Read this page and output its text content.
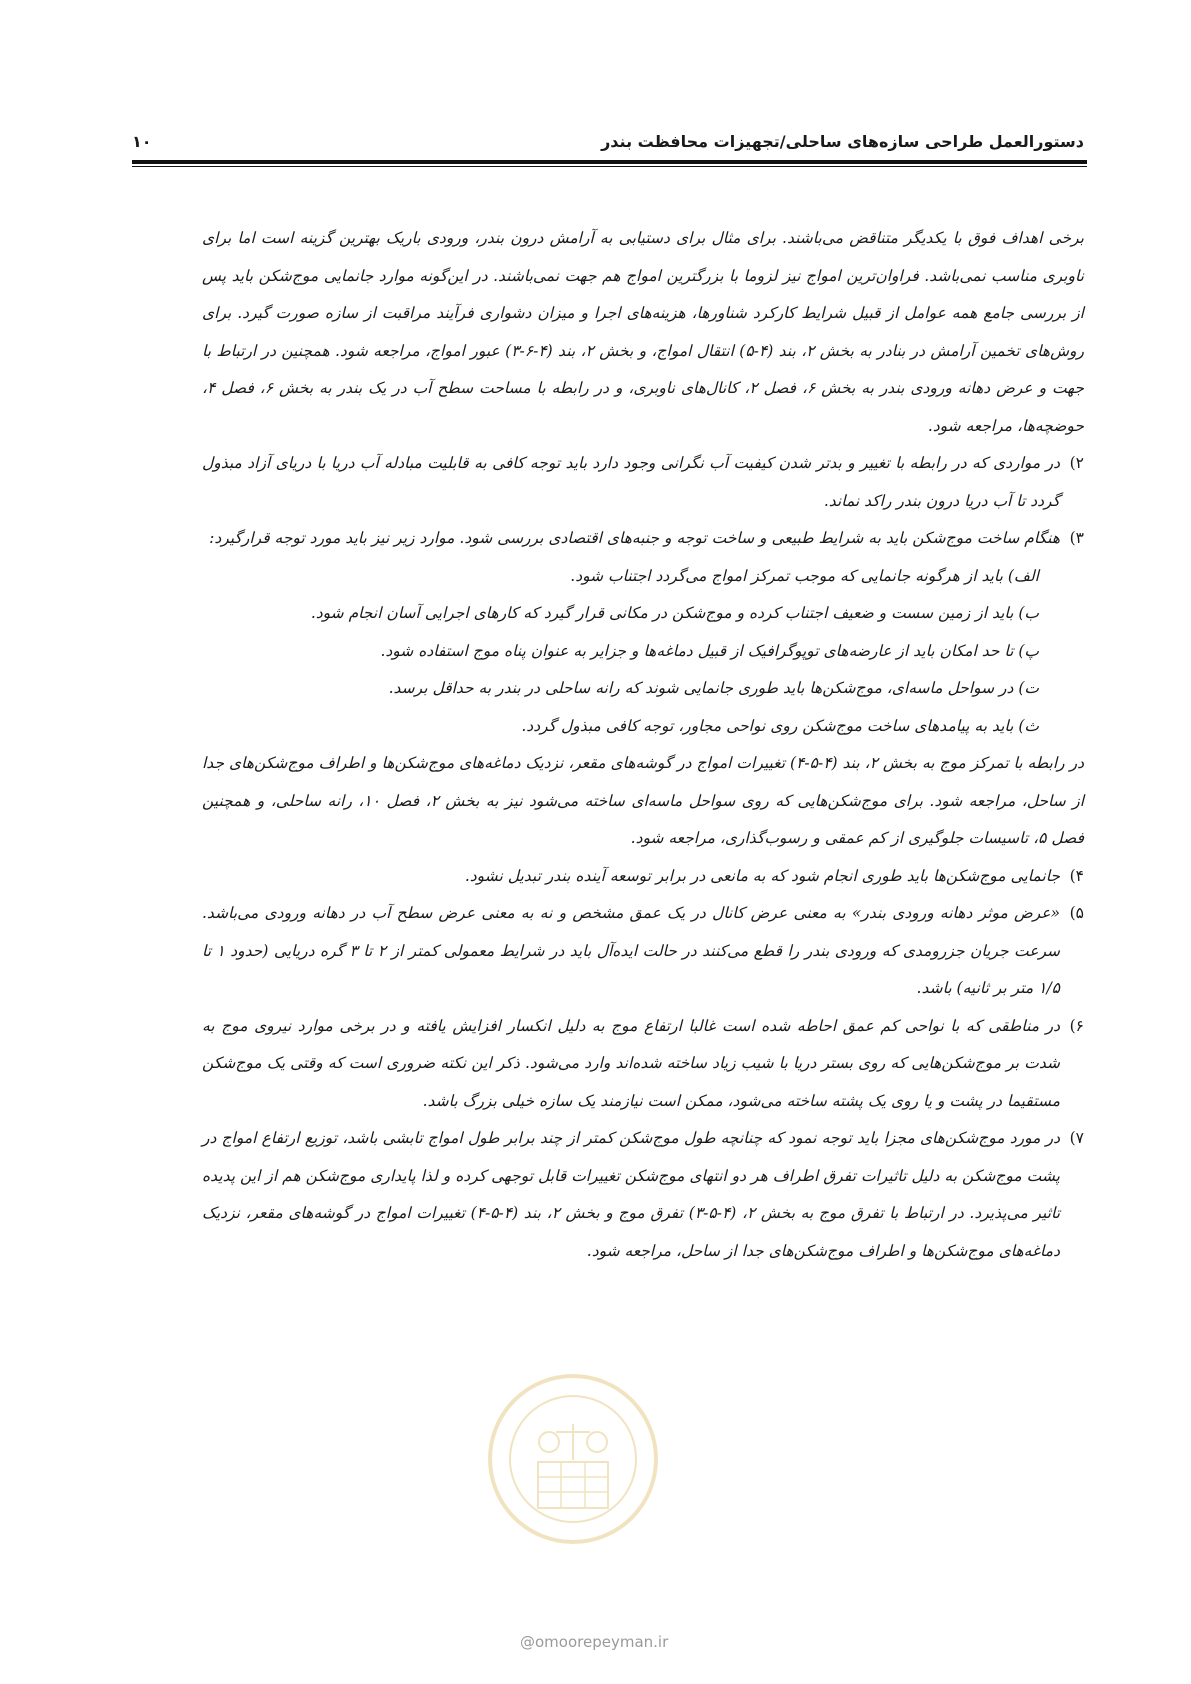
۱۰	دستورالعمل طراحی سازه‌های ساحلی/تجهیزات محافظت بندر

برخی اهداف فوق با یکدیگر متناقض می‌باشند. برای مثال برای دستیابی به آرامش درون بندر، ورودی باریک بهترین گزینه است اما برای ناوبری مناسب نمی‌باشد. فراوان‌ترین امواج نیز لزوما با بزرگترین امواج هم جهت نمی‌باشند. در این‌گونه موارد جانمایی موج‌شکن باید پس از بررسی جامع همه عوامل از قبیل شرایط کارکرد شناورها، هزینه‌های اجرا و میزان دشواری فرآیند مراقبت از سازه صورت گیرد. برای روش‌های تخمین آرامش در بنادر به بخش ۲، بند (۴-۵) انتقال امواج، و بخش ۲، بند (۴-۶-۳) عبور امواج، مراجعه شود. همچنین در ارتباط با جهت و عرض دهانه ورودی بندر به بخش ۶، فصل ۲، کانال‌های ناوبری، و در رابطه با مساحت سطح آب در یک بندر به بخش ۶، فصل ۴، حوضچه‌ها، مراجعه شود.

۲)

در مواردی که در رابطه با تغییر و بدتر شدن کیفیت آب نگرانی وجود دارد باید توجه کافی به قابلیت مبادله آب دریا با دریای آزاد مبذول گردد تا آب دریا درون بندر راکد نماند.

۳)

هنگام ساخت موج‌شکن باید به شرایط طبیعی و ساخت توجه و جنبه‌های اقتصادی بررسی شود. موارد زیر نیز باید مورد توجه قرارگیرد:

الف) باید از هرگونه جانمایی که موجب تمرکز امواج می‌گردد اجتناب شود.

ب) باید از زمین سست و ضعیف اجتناب کرده و موج‌شکن در مکانی قرار گیرد که کارهای اجرایی آسان انجام شود.

پ) تا حد امکان باید از عارضه‌های توپوگرافیک از قبیل دماغه‌ها و جزایر به عنوان پناه موج استفاده شود.

ت) در سواحل ماسه‌ای، موج‌شکن‌ها باید طوری جانمایی شوند که رانه ساحلی در بندر به حداقل برسد.

ث) باید به پیامدهای ساخت موج‌شکن روی نواحی مجاور، توجه کافی مبذول گردد.

در رابطه با تمرکز موج به بخش ۲، بند (۴-۵-۴) تغییرات امواج در گوشه‌های مقعر، نزدیک دماغه‌های موج‌شکن‌ها و اطراف موج‌شکن‌های جدا از ساحل، مراجعه شود. برای موج‌شکن‌هایی که روی سواحل ماسه‌ای ساخته می‌شود نیز به بخش ۲، فصل ۱۰، رانه ساحلی، و همچنین فصل ۵، تاسیسات جلوگیری از کم عمقی و رسوب‌گذاری، مراجعه شود.

۴)

جانمایی موج‌شکن‌ها باید طوری انجام شود که به مانعی در برابر توسعه آینده بندر تبدیل نشود.

۵)

«عرض موثر دهانه ورودی بندر» به معنی عرض کانال در یک عمق مشخص و نه به معنی عرض سطح آب در دهانه ورودی می‌باشد. سرعت جریان جزرومدی که ورودی بندر را قطع می‌کنند در حالت ایده‌آل باید در شرایط معمولی کمتر از ۲ تا ۳ گره دریایی (حدود ۱ تا ۱/۵ متر بر ثانیه) باشد.

۶)

در مناطقی که با نواحی کم عمق احاطه شده است غالبا ارتفاع موج به دلیل انکسار افزایش یافته و در برخی موارد نیروی موج به شدت بر موج‌شکن‌هایی که روی بستر دریا با شیب زیاد ساخته شده‌اند وارد می‌شود. ذکر این نکته ضروری است که وقتی یک موج‌شکن مستقیما در پشت و یا روی یک پشته ساخته می‌شود، ممکن است نیازمند یک سازه خیلی بزرگ باشد.

۷)

در مورد موج‌شکن‌های مجزا باید توجه نمود که چنانچه طول موج‌شکن کمتر از چند برابر طول امواج تابشی باشد، توزیع ارتفاع امواج در پشت موج‌شکن به دلیل تاثیرات تفرق اطراف هر دو انتهای موج‌شکن تغییرات قابل توجهی کرده و لذا پایداری موج‌شکن هم از این پدیده تاثیر می‌پذیرد. در ارتباط با تفرق موج به بخش ۲، (۴-۵-۳) تفرق موج و بخش ۲، بند (۴-۵-۴) تغییرات امواج در گوشه‌های مقعر، نزدیک دماغه‌های موج‌شکن‌ها و اطراف موج‌شکن‌های جدا از ساحل، مراجعه شود.

@omoorepeyman.ir
